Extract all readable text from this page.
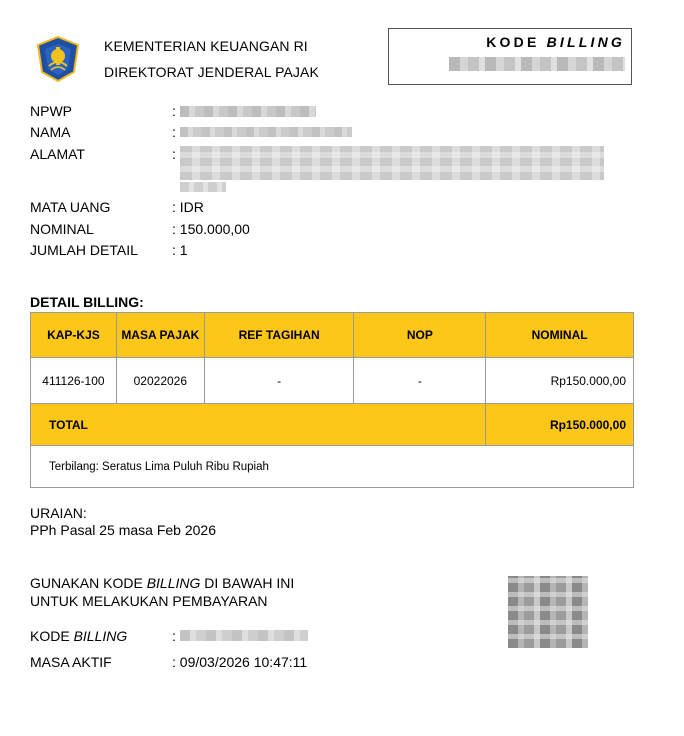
KEMENTERIAN KEUANGAN RI
DIREKTORAT JENDERAL PAJAK
KODE BILLING
NPWP	:
NAMA	:
ALAMAT	:
MATA UANG	: IDR
NOMINAL	: 150.000,00
JUMLAH DETAIL : 1
DETAIL BILLING:
KAP-KJS	MASA PAJAK	REF TAGIHAN	NOP	NOMINAL
411126-100	02022026	-	-	Rp150.000,00
TOTAL				Rp150.000,00
Terbilang: Seratus Lima Puluh Ribu Rupiah				
URAIAN:
PPh Pasal 25 masa Feb 2026
GUNAKAN KODE BILLING DI BAWAH INI
UNTUK MELAKUKAN PEMBAYARAN
KODE BILLING	:
MASA AKTIF	: 09/03/2026 10:47:11
